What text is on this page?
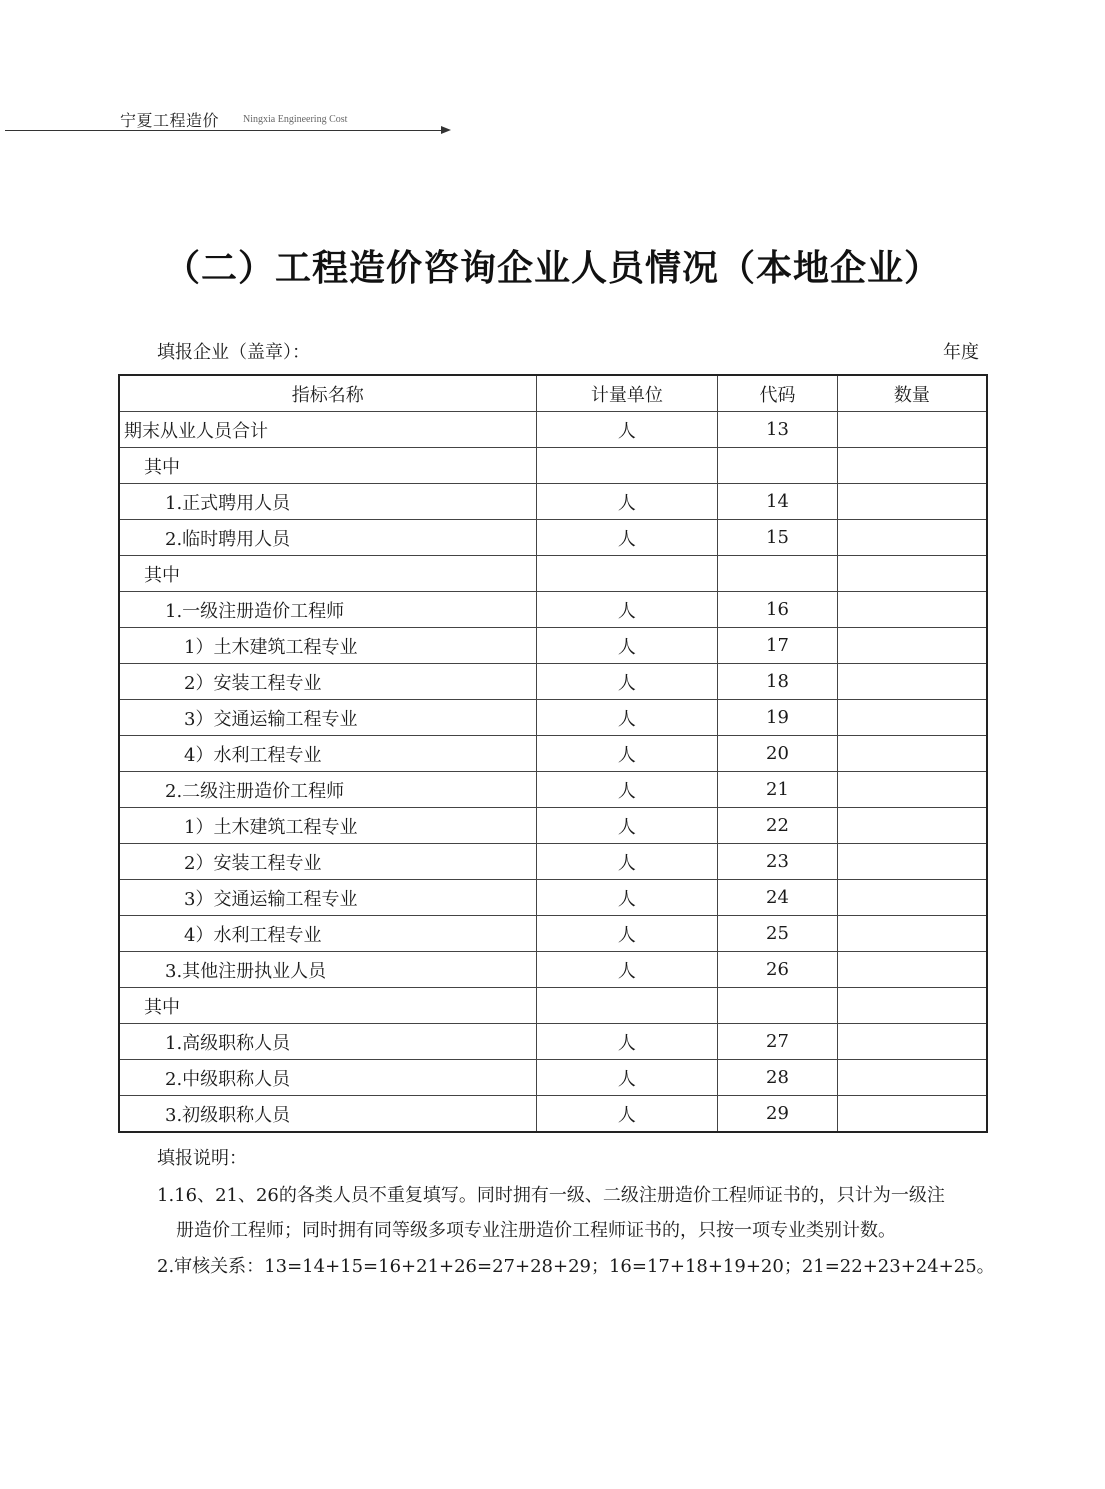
宁夏工程造价 Ningxia Engineering Cost
（二）工程造价咨询企业人员情况（本地企业）
填报企业（盖章）：	年度
指标名称	计量单位	代码	数量
期末从业人员合计	人	13	
其中			
1.正式聘用人员	人	14	
2.临时聘用人员	人	15	
其中			
1.一级注册造价工程师	人	16	
1）土木建筑工程专业	人	17	
2）安装工程专业	人	18	
3）交通运输工程专业	人	19	
4）水利工程专业	人	20	
2.二级注册造价工程师	人	21	
1）土木建筑工程专业	人	22	
2）安装工程专业	人	23	
3）交通运输工程专业	人	24	
4）水利工程专业	人	25	
3.其他注册执业人员	人	26	
其中			
1.高级职称人员	人	27	
2.中级职称人员	人	28	
3.初级职称人员	人	29	
填报说明：
1.16、21、26的各类人员不重复填写。同时拥有一级、二级注册造价工程师证书的，只计为一级注
册造价工程师；同时拥有同等级多项专业注册造价工程师证书的，只按一项专业类别计数。
2.审核关系：13=14+15=16+21+26=27+28+29；16=17+18+19+20；21=22+23+24+25。
